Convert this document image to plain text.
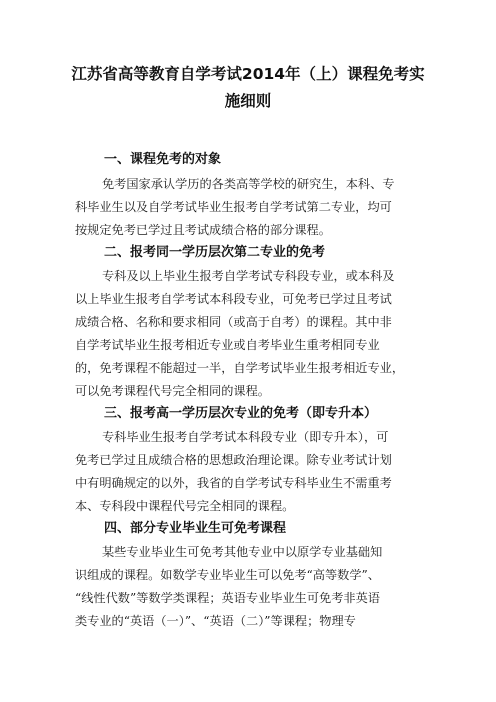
江苏省高等教育自学考试2014年（上）课程免考实
施细则
一、课程免考的对象
免考国家承认学历的各类高等学校的研究生，本科、专
科毕业生以及自学考试毕业生报考自学考试第二专业，均可
按规定免考已学过且考试成绩合格的部分课程。
二、报考同一学历层次第二专业的免考
专科及以上毕业生报考自学考试专科段专业，或本科及
以上毕业生报考自学考试本科段专业，可免考已学过且考试
成绩合格、名称和要求相同（或高于自考）的课程。其中非
自学考试毕业生报考相近专业或自考毕业生重考相同专业
的，免考课程不能超过一半，自学考试毕业生报考相近专业，
可以免考课程代号完全相同的课程。
三、报考高一学历层次专业的免考（即专升本）
专科毕业生报考自学考试本科段专业（即专升本），可
免考已学过且成绩合格的思想政治理论课。除专业考试计划
中有明确规定的以外，我省的自学考试专科毕业生不需重考
本、专科段中课程代号完全相同的课程。
四、部分专业毕业生可免考课程
某些专业毕业生可免考其他专业中以原学专业基础知
识组成的课程。如数学专业毕业生可以免考“高等数学”、
“线性代数”等数学类课程；英语专业毕业生可免考非英语
类专业的“英语（一）”、“英语（二）”等课程；物理专
